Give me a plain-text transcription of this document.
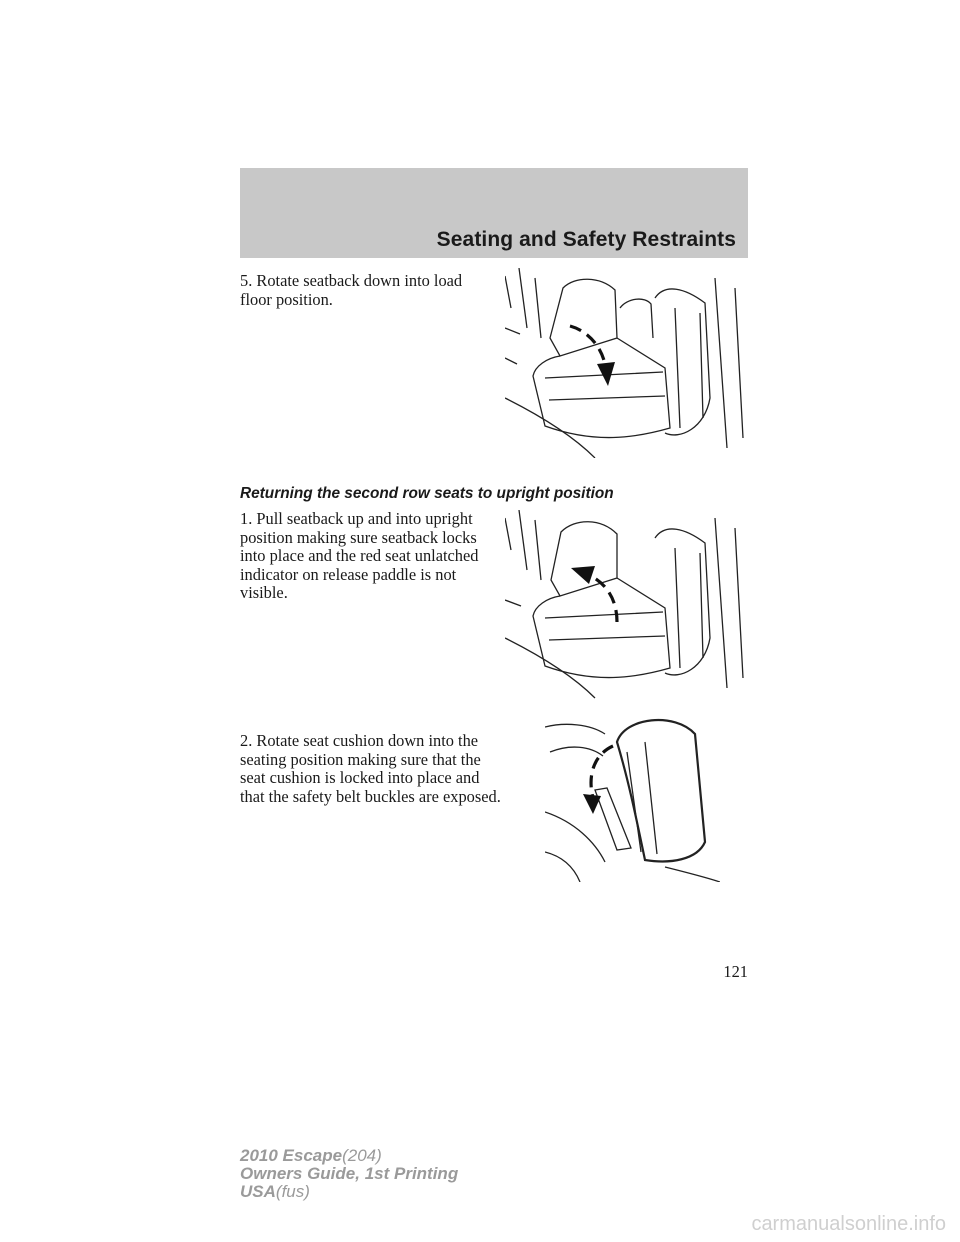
Seating and Safety Restraints

5. Rotate seatback down into load floor position.

Returning the second row seats to upright position

1. Pull seatback up and into upright position making sure seatback locks into place and the red seat unlatched indicator on release paddle is not visible.

2. Rotate seat cushion down into the seating position making sure that the seat cushion is locked into place and that the safety belt buckles are exposed.

121
2010 Escape(204)
Owners Guide, 1st Printing
USA(fus)
carmanualsonline.info
